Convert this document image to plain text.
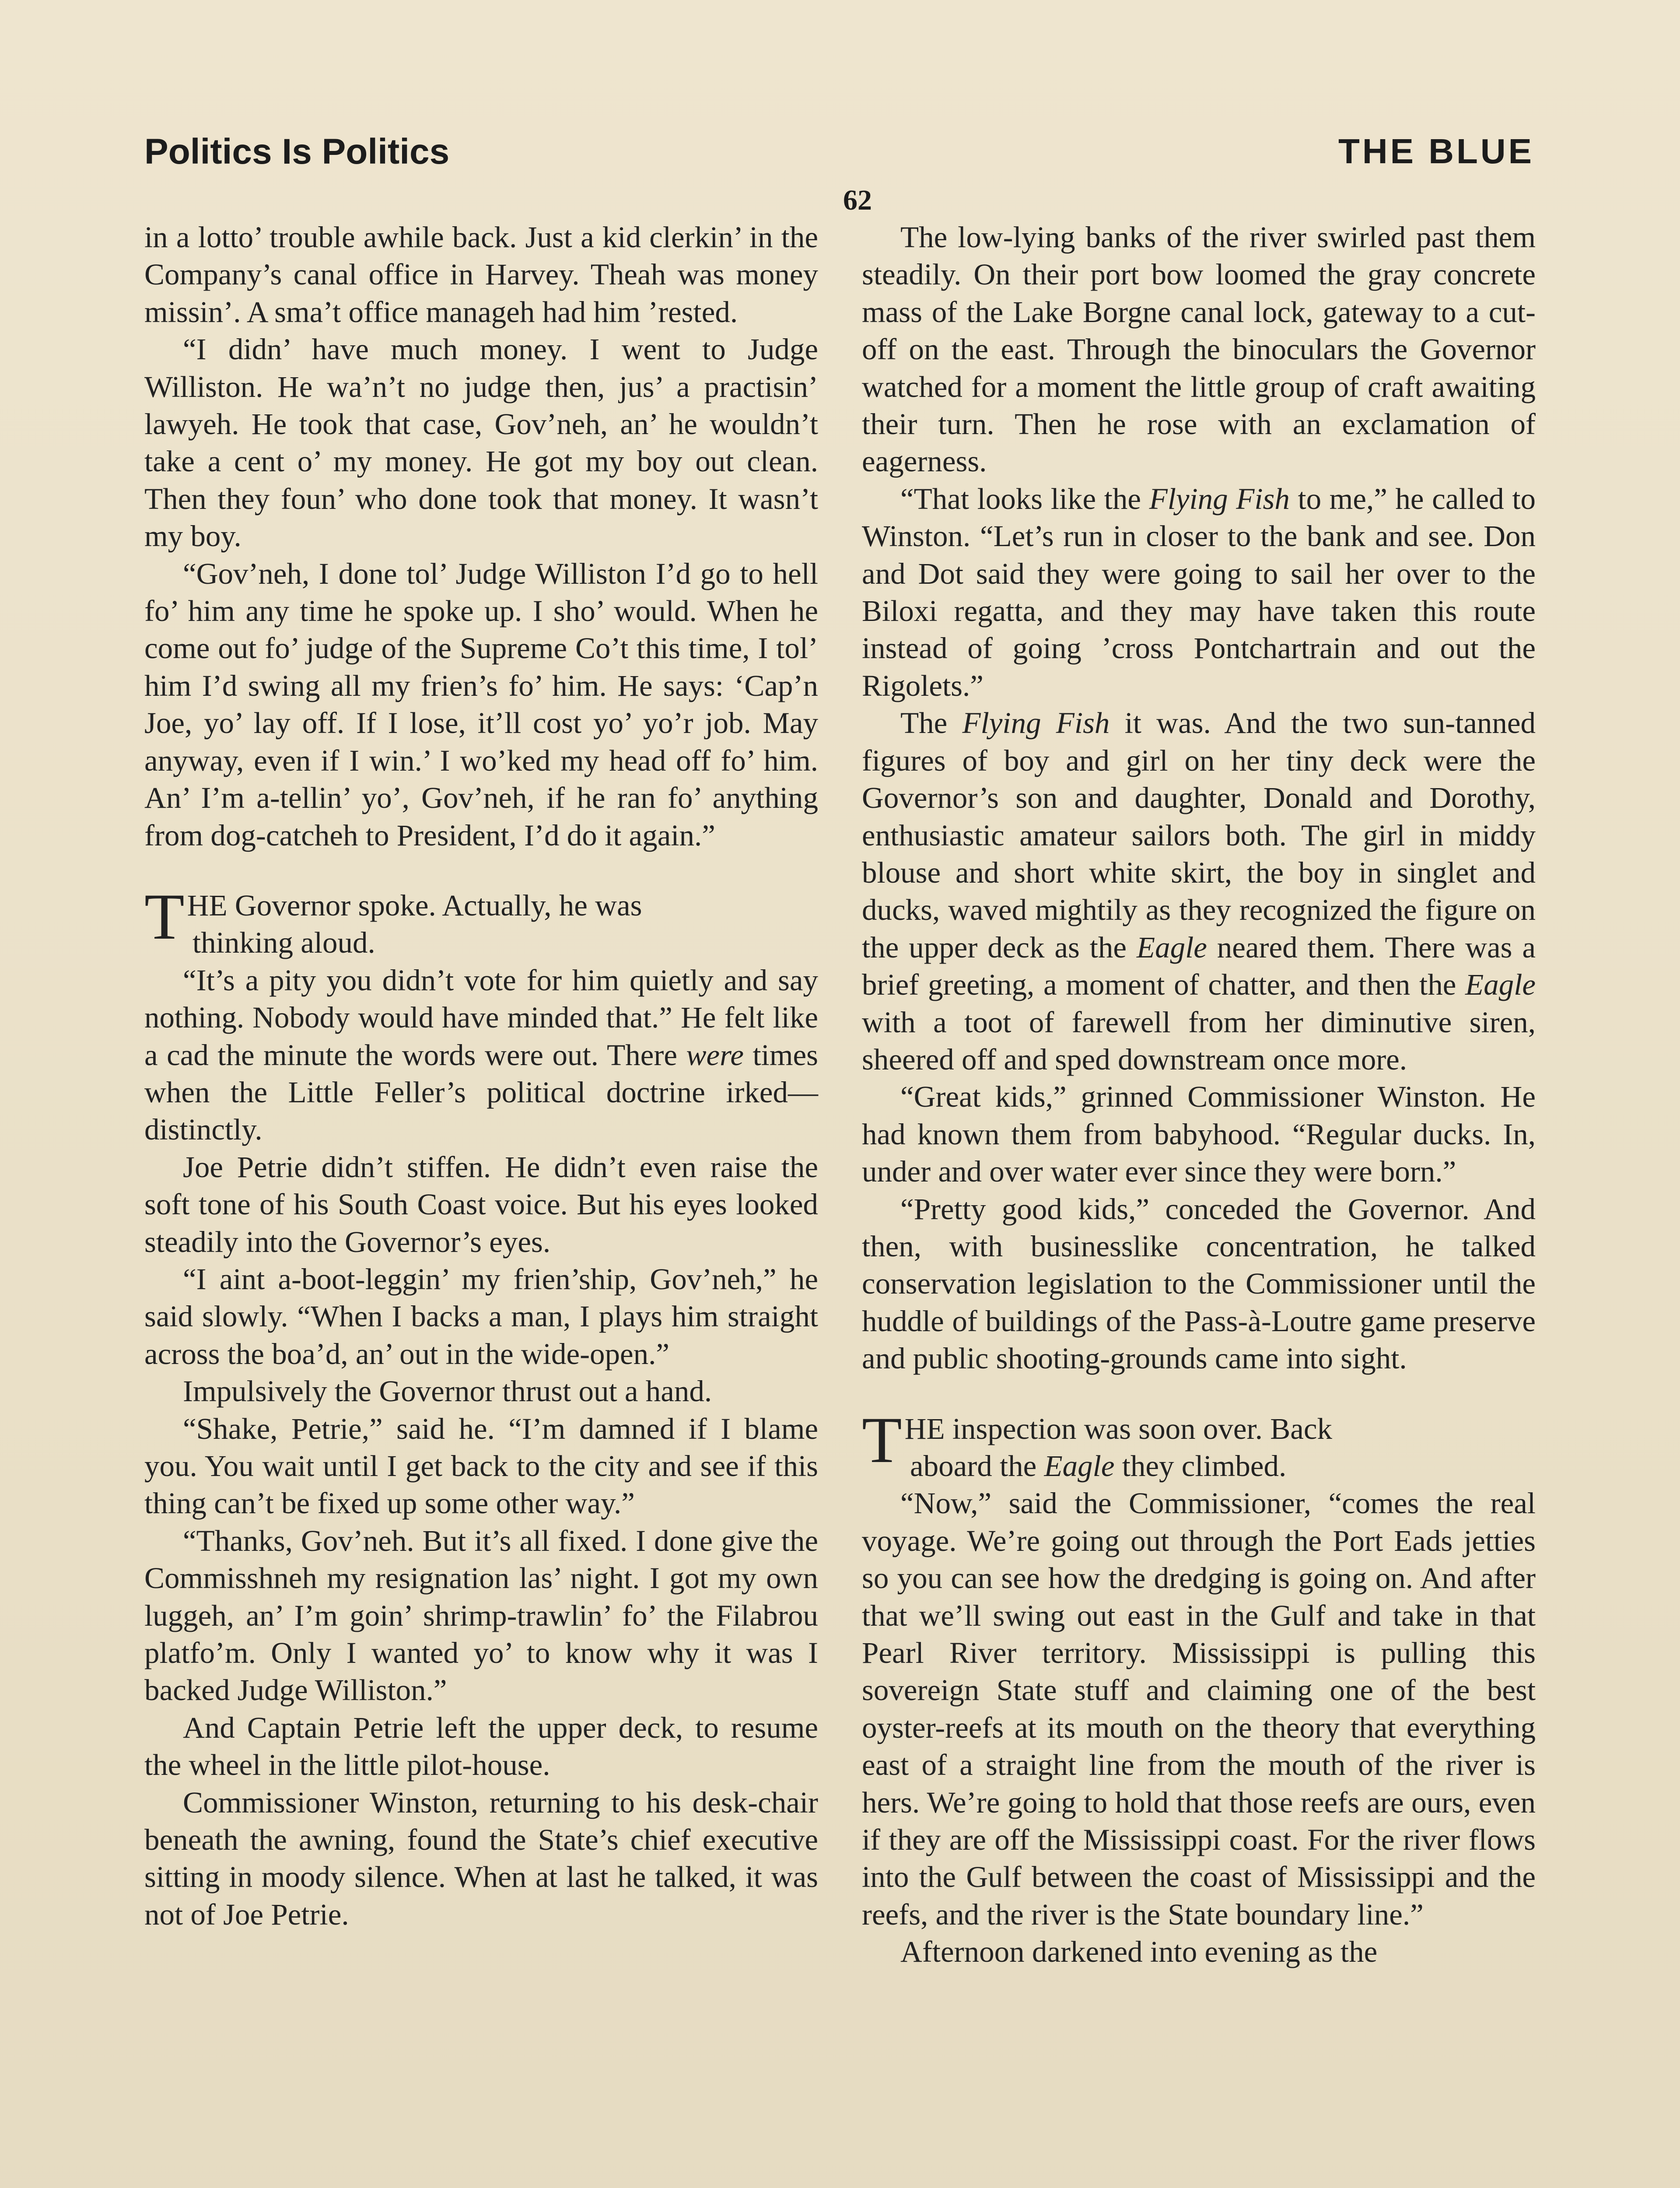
Politics Is Politics	THE BLUE
62

in a lotto’ trouble awhile back. Just a kid clerkin’ in the Company’s canal office in Harvey. Theah was money missin’. A sma’t office manageh had him ’rested.

“I didn’ have much money. I went to Judge Williston. He wa’n’t no judge then, jus’ a practisin’ lawyeh. He took that case, Gov’neh, an’ he wouldn’t take a cent o’ my money. He got my boy out clean. Then they foun’ who done took that money. It wasn’t my boy.

“Gov’neh, I done tol’ Judge Williston I’d go to hell fo’ him any time he spoke up. I sho’ would. When he come out fo’ judge of the Supreme Co’t this time, I tol’ him I’d swing all my frien’s fo’ him. He says: ‘Cap’n Joe, yo’ lay off. If I lose, it’ll cost yo’ yo’r job. May anyway, even if I win.’ I wo’ked my head off fo’ him. An’ I’m a-tellin’ yo’, Gov’neh, if he ran fo’ anything from dog-catcheh to President, I’d do it again.”

THE Governor spoke. Actually, he was
thinking aloud.

“It’s a pity you didn’t vote for him quietly and say nothing. Nobody would have minded that.” He felt like a cad the minute the words were out. There were times when the Little Feller’s political doctrine irked—distinctly.

Joe Petrie didn’t stiffen. He didn’t even raise the soft tone of his South Coast voice. But his eyes looked steadily into the Governor’s eyes.

“I aint a-boot-leggin’ my frien’ship, Gov’neh,” he said slowly. “When I backs a man, I plays him straight across the boa’d, an’ out in the wide-open.”

Impulsively the Governor thrust out a hand.

“Shake, Petrie,” said he. “I’m damned if I blame you. You wait until I get back to the city and see if this thing can’t be fixed up some other way.”

“Thanks, Gov’neh. But it’s all fixed. I done give the Commisshneh my resignation las’ night. I got my own luggeh, an’ I’m goin’ shrimp-trawlin’ fo’ the Filabrou platfo’m. Only I wanted yo’ to know why it was I backed Judge Williston.”

And Captain Petrie left the upper deck, to resume the wheel in the little pilot-house.

Commissioner Winston, returning to his desk-chair beneath the awning, found the State’s chief executive sitting in moody silence. When at last he talked, it was not of Joe Petrie.

The low-lying banks of the river swirled past them steadily. On their port bow loomed the gray concrete mass of the Lake Borgne canal lock, gateway to a cut-off on the east. Through the binoculars the Governor watched for a moment the little group of craft awaiting their turn. Then he rose with an exclamation of eagerness.

“That looks like the Flying Fish to me,” he called to Winston. “Let’s run in closer to the bank and see. Don and Dot said they were going to sail her over to the Biloxi regatta, and they may have taken this route instead of going ’cross Pontchartrain and out the Rigolets.”

The Flying Fish it was. And the two sun-tanned figures of boy and girl on her tiny deck were the Governor’s son and daughter, Donald and Dorothy, enthusiastic amateur sailors both. The girl in middy blouse and short white skirt, the boy in singlet and ducks, waved mightily as they recognized the figure on the upper deck as the Eagle neared them. There was a brief greeting, a moment of chatter, and then the Eagle with a toot of farewell from her diminutive siren, sheered off and sped downstream once more.

“Great kids,” grinned Commissioner Winston. He had known them from babyhood. “Regular ducks. In, under and over water ever since they were born.”

“Pretty good kids,” conceded the Governor. And then, with businesslike concentration, he talked conservation legislation to the Commissioner until the huddle of buildings of the Pass-à-Loutre game preserve and public shooting-grounds came into sight.

THE inspection was soon over. Back
aboard the Eagle they climbed.

“Now,” said the Commissioner, “comes the real voyage. We’re going out through the Port Eads jetties so you can see how the dredging is going on. And after that we’ll swing out east in the Gulf and take in that Pearl River territory. Mississippi is pulling this sovereign State stuff and claiming one of the best oyster-reefs at its mouth on the theory that everything east of a straight line from the mouth of the river is hers. We’re going to hold that those reefs are ours, even if they are off the Mississippi coast. For the river flows into the Gulf between the coast of Mississippi and the reefs, and the river is the State boundary line.”

Afternoon darkened into evening as the
